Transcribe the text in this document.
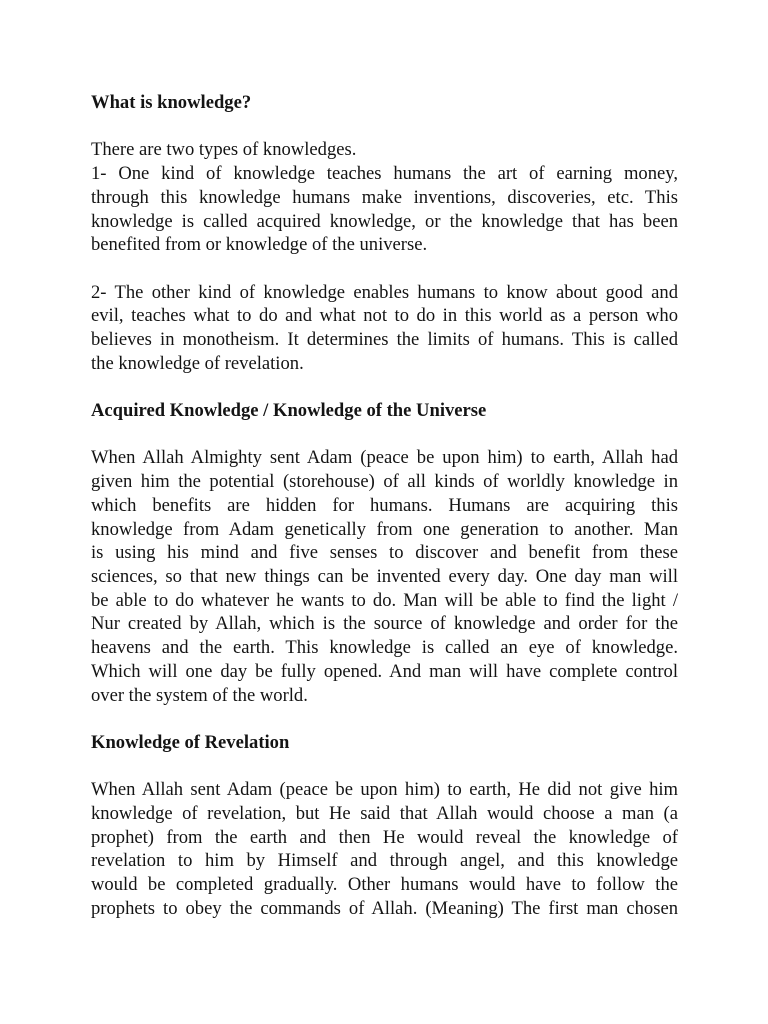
What is knowledge?

There are two types of knowledges.
1- One kind of knowledge teaches humans the art of earning money,
through this knowledge humans make inventions, discoveries, etc. This
knowledge is called acquired knowledge, or the knowledge that has been
benefited from or knowledge of the universe.
2- The other kind of knowledge enables humans to know about good and
evil, teaches what to do and what not to do in this world as a person who
believes in monotheism. It determines the limits of humans. This is called
the knowledge of revelation.

Acquired Knowledge / Knowledge of the Universe

When Allah Almighty sent Adam (peace be upon him) to earth, Allah had
given him the potential (storehouse) of all kinds of worldly knowledge in
which benefits are hidden for humans. Humans are acquiring this
knowledge from Adam genetically from one generation to another. Man
is using his mind and five senses to discover and benefit from these
sciences, so that new things can be invented every day. One day man will
be able to do whatever he wants to do. Man will be able to find the light /
Nur created by Allah, which is the source of knowledge and order for the
heavens and the earth. This knowledge is called an eye of knowledge.
Which will one day be fully opened. And man will have complete control
over the system of the world.

Knowledge of Revelation

When Allah sent Adam (peace be upon him) to earth, He did not give him
knowledge of revelation, but He said that Allah would choose a man (a
prophet) from the earth and then He would reveal the knowledge of
revelation to him by Himself and through angel, and this knowledge
would be completed gradually. Other humans would have to follow the
prophets to obey the commands of Allah. (Meaning) The first man chosen
